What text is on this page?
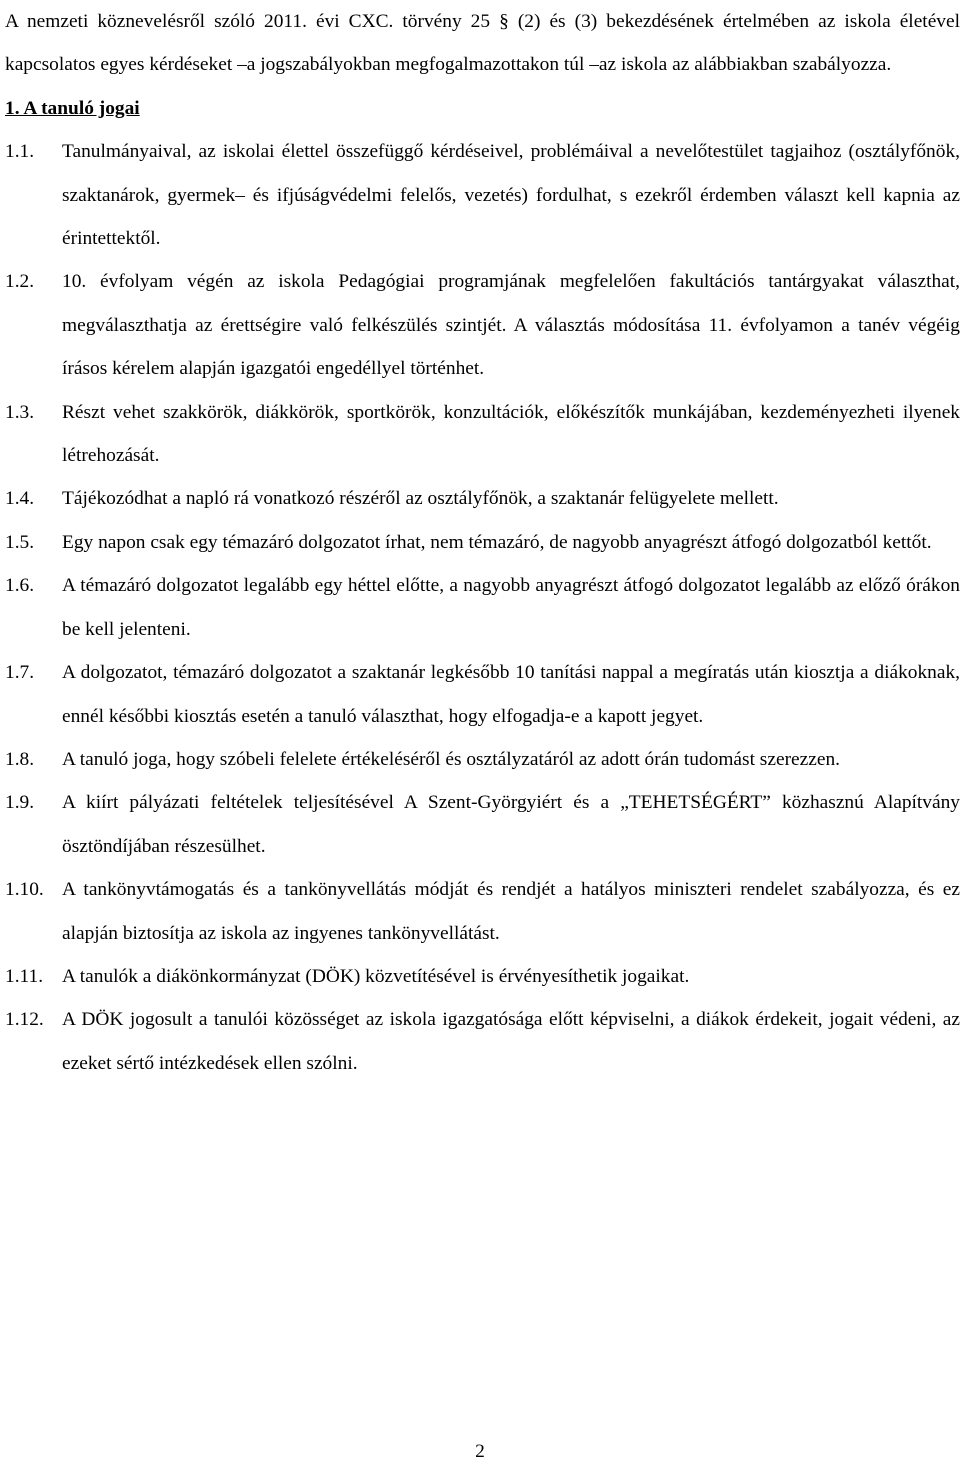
A nemzeti köznevelésről szóló 2011. évi CXC. törvény 25 § (2) és (3) bekezdésének értelmében az iskola életével kapcsolatos egyes kérdéseket –a jogszabályokban megfogalmazottakon túl –az iskola az alábbiakban szabályozza.

1. A tanuló jogai

1.1.	Tanulmányaival, az iskolai élettel összefüggő kérdéseivel, problémáival a nevelőtestület tagjaihoz (osztályfőnök, szaktanárok, gyermek– és ifjúságvédelmi felelős, vezetés) fordulhat, s ezekről érdemben választ kell kapnia az érintettektől.
1.2.	10. évfolyam végén az iskola Pedagógiai programjának megfelelően fakultációs tantárgyakat választhat, megválaszthatja az érettségire való felkészülés szintjét. A választás módosítása 11. évfolyamon a tanév végéig írásos kérelem alapján igazgatói engedéllyel történhet.
1.3.	Részt vehet szakkörök, diákkörök, sportkörök, konzultációk, előkészítők munkájában, kezdeményezheti ilyenek létrehozását.
1.4.	Tájékozódhat a napló rá vonatkozó részéről az osztályfőnök, a szaktanár felügyelete mellett.
1.5.	Egy napon csak egy témazáró dolgozatot írhat, nem témazáró, de nagyobb anyagrészt átfogó dolgozatból kettőt.
1.6.	A témazáró dolgozatot legalább egy héttel előtte, a nagyobb anyagrészt átfogó dolgozatot legalább az előző órákon be kell jelenteni.
1.7.	A dolgozatot, témazáró dolgozatot a szaktanár legkésőbb 10 tanítási nappal a megíratás után kiosztja a diákoknak, ennél későbbi kiosztás esetén a tanuló választhat, hogy elfogadja-e a kapott jegyet.
1.8.	A tanuló joga, hogy szóbeli felelete értékeléséről és osztályzatáról az adott órán tudomást szerezzen.
1.9.	A kiírt pályázati feltételek teljesítésével A Szent-Györgyiért és a „TEHETSÉGÉRT” közhasznú Alapítvány ösztöndíjában részesülhet.
1.10. A tankönyvtámogatás és a tankönyvellátás módját és rendjét a hatályos miniszteri rendelet szabályozza, és ez alapján biztosítja az iskola az ingyenes tankönyvellátást.
1.11. A tanulók a diákönkormányzat (DÖK) közvetítésével is érvényesíthetik jogaikat.
1.12. A DÖK jogosult a tanulói közösséget az iskola igazgatósága előtt képviselni, a diákok érdekeit, jogait védeni, az ezeket sértő intézkedések ellen szólni.
2
